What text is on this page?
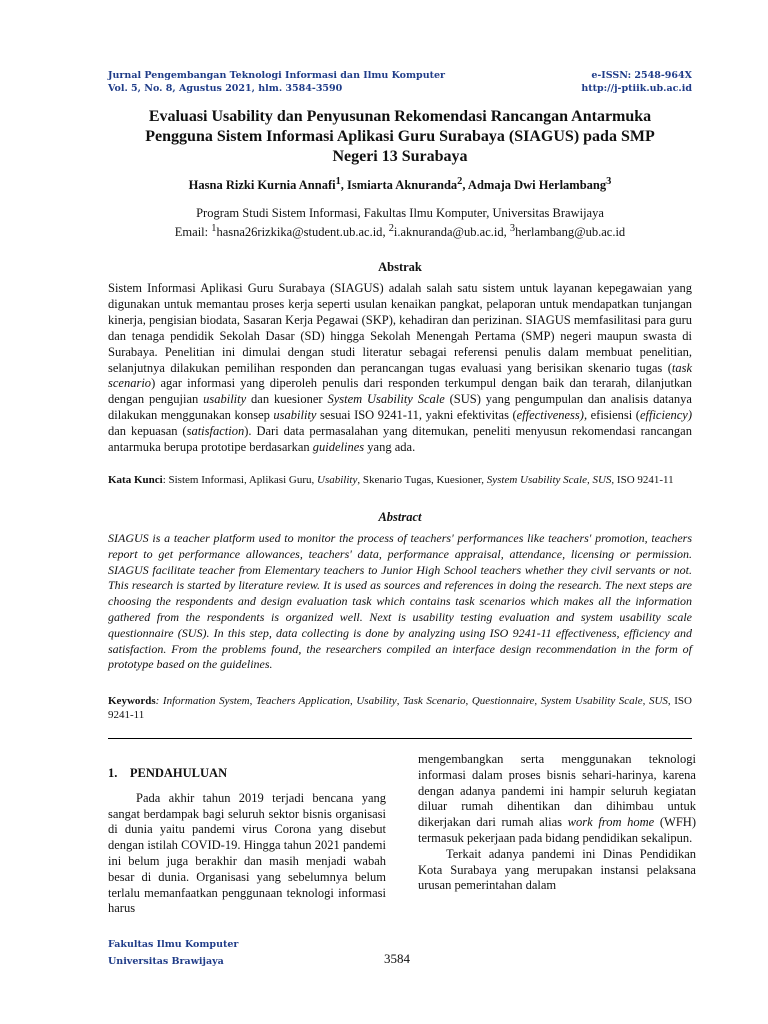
Jurnal Pengembangan Teknologi Informasi dan Ilmu Komputer
Vol. 5, No. 8, Agustus 2021, hlm. 3584-3590
e-ISSN: 2548-964X
http://j-ptiik.ub.ac.id
Evaluasi Usability dan Penyusunan Rekomendasi Rancangan Antarmuka
Pengguna Sistem Informasi Aplikasi Guru Surabaya (SIAGUS) pada SMP
Negeri 13 Surabaya
Hasna Rizki Kurnia Annafi$^1$, Ismiarta Aknuranda$^2$, Admaja Dwi Herlambang$^3$
Program Studi Sistem Informasi, Fakultas Ilmu Komputer, Universitas Brawijaya
Email: $^1$hasna26rizkika@student.ub.ac.id, $^2$i.aknuranda@ub.ac.id, $^3$herlambang@ub.ac.id
Abstrak
Sistem Informasi Aplikasi Guru Surabaya (SIAGUS) adalah salah satu sistem untuk layanan kepegawaian yang digunakan untuk memantau proses kerja seperti usulan kenaikan pangkat, pelaporan untuk mendapatkan tunjangan kinerja, pengisian biodata, Sasaran Kerja Pegawai (SKP), kehadiran dan perizinan. SIAGUS memfasilitasi para guru dan tenaga pendidik Sekolah Dasar (SD) hingga Sekolah Menengah Pertama (SMP) negeri maupun swasta di Surabaya. Penelitian ini dimulai dengan studi literatur sebagai referensi penulis dalam membuat penelitian, selanjutnya dilakukan pemilihan responden dan perancangan tugas evaluasi yang berisikan skenario tugas (task scenario) agar informasi yang diperoleh penulis dari responden terkumpul dengan baik dan terarah, dilanjutkan dengan pengujian usability dan kuesioner System Usability Scale (SUS) yang pengumpulan dan analisis datanya dilakukan menggunakan konsep usability sesuai ISO 9241-11, yakni efektivitas (effectiveness), efisiensi (efficiency) dan kepuasan (satisfaction). Dari data permasalahan yang ditemukan, peneliti menyusun rekomendasi rancangan antarmuka berupa prototipe berdasarkan guidelines yang ada.
Kata Kunci: Sistem Informasi, Aplikasi Guru, Usability, Skenario Tugas, Kuesioner, System Usability Scale, SUS, ISO 9241-11
Abstract
SIAGUS is a teacher platform used to monitor the process of teachers' performances like teachers' promotion, teachers report to get performance allowances, teachers' data, performance appraisal, attendance, licensing or permission. SIAGUS facilitate teacher from Elementary teachers to Junior High School teachers whether they civil servants or not. This research is started by literature review. It is used as sources and references in doing the research. The next steps are choosing the respondents and design evaluation task which contains task scenarios which makes all the information gathered from the respondents is organized well. Next is usability testing evaluation and system usability scale questionnaire (SUS). In this step, data collecting is done by analyzing using ISO 9241-11 effectiveness, efficiency and satisfaction. From the problems found, the researchers compiled an interface design recommendation in the form of prototype based on the guidelines.
Keywords: Information System, Teachers Application, Usability, Task Scenario, Questionnaire, System Usability Scale, SUS, ISO 9241-11
1.    PENDAHULUAN

Pada akhir tahun 2019 terjadi bencana yang sangat berdampak bagi seluruh sektor bisnis organisasi di dunia yaitu pandemi virus Corona yang disebut dengan istilah COVID-19. Hingga tahun 2021 pandemi ini belum juga berakhir dan masih menjadi wabah besar di dunia. Organisasi yang sebelumnya belum terlalu memanfaatkan penggunaan teknologi informasi harus

mengembangkan serta menggunakan teknologi informasi dalam proses bisnis sehari-harinya, karena dengan adanya pandemi ini hampir seluruh kegiatan diluar rumah dihentikan dan dihimbau untuk dikerjakan dari rumah alias work from home (WFH) termasuk pekerjaan pada bidang pendidikan sekalipun.

Terkait adanya pandemi ini Dinas Pendidikan Kota Surabaya yang merupakan instansi pelaksana urusan pemerintahan dalam

Fakultas Ilmu Komputer
Universitas Brawijaya	3584
